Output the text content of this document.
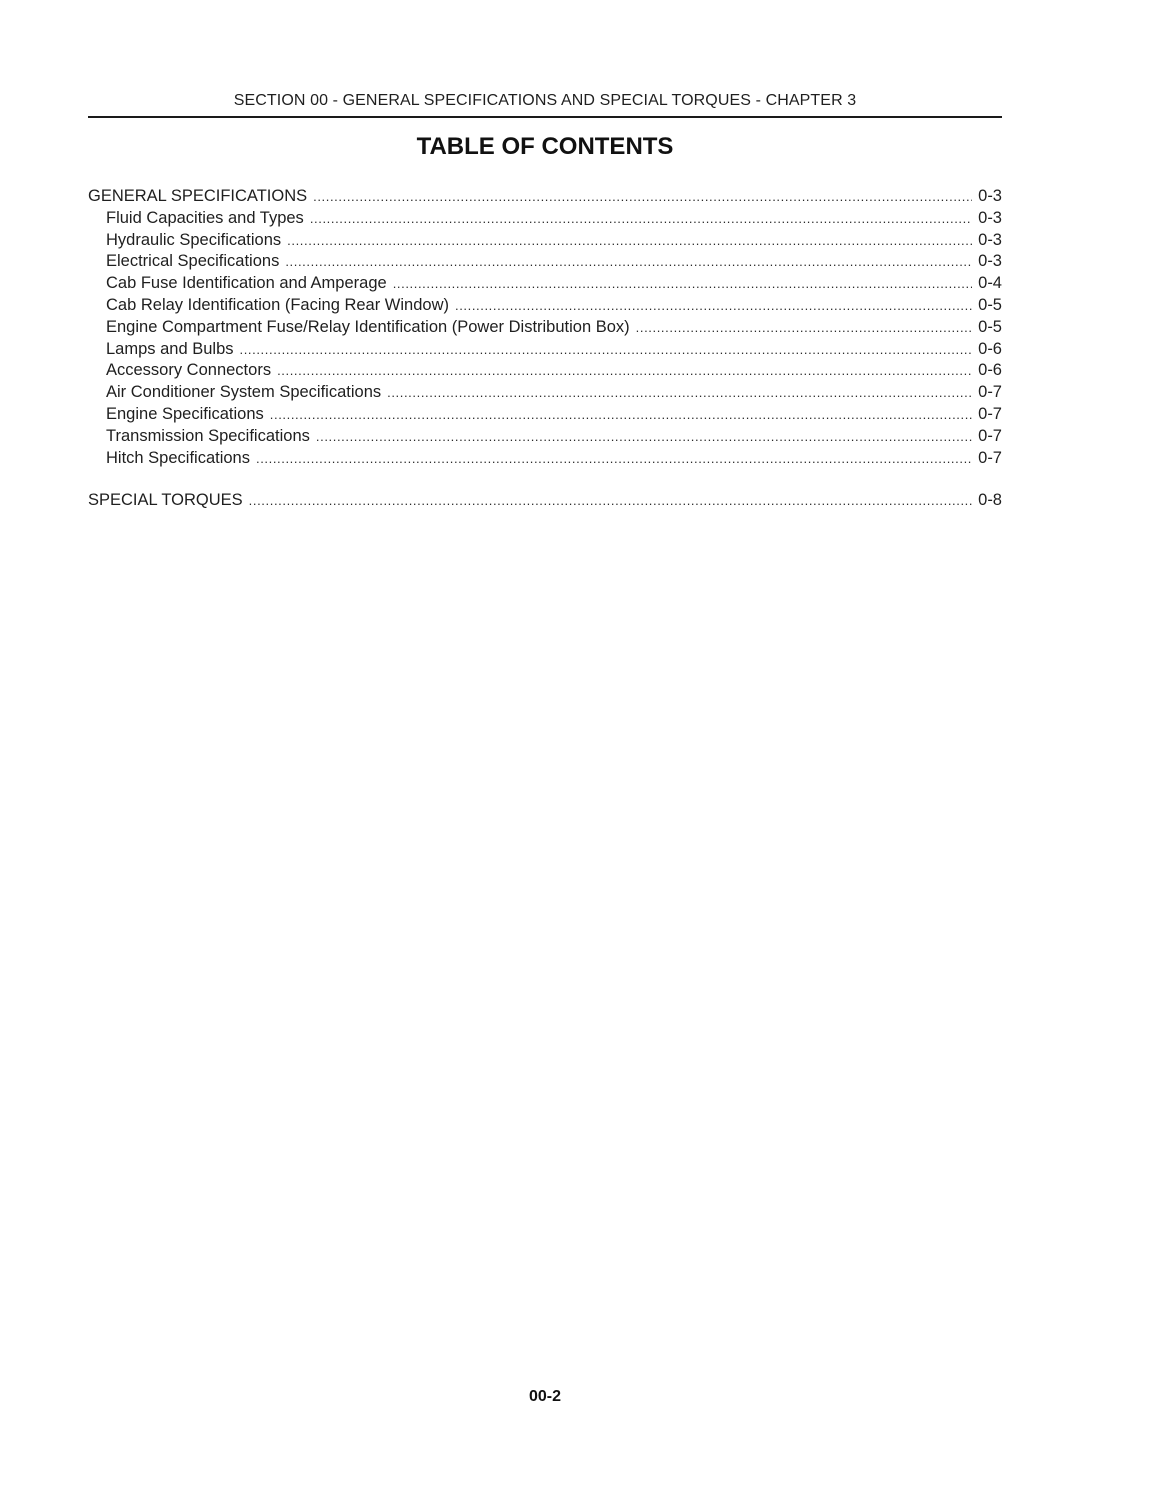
SECTION 00 - GENERAL SPECIFICATIONS AND SPECIAL TORQUES - CHAPTER 3
TABLE OF CONTENTS
GENERAL SPECIFICATIONS .....	0-3
Fluid Capacities and Types .....	0-3
Hydraulic Specifications .....	0-3
Electrical Specifications .....	0-3
Cab Fuse Identification and Amperage .....	0-4
Cab Relay Identification (Facing Rear Window) .....	0-5
Engine Compartment Fuse/Relay Identification (Power Distribution Box) .....	0-5
Lamps and Bulbs .....	0-6
Accessory Connectors .....	0-6
Air Conditioner System Specifications .....	0-7
Engine Specifications .....	0-7
Transmission Specifications .....	0-7
Hitch Specifications .....	0-7
SPECIAL TORQUES .....	0-8
00-2
